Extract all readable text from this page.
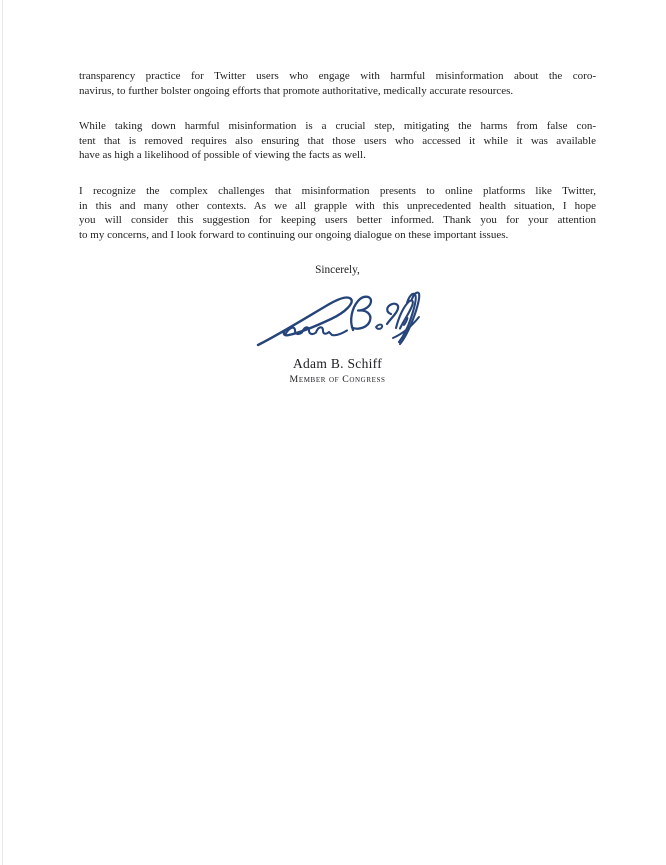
transparency practice for Twitter users who engage with harmful misinformation about the coro-
navirus, to further bolster ongoing efforts that promote authoritative, medically accurate resources.

While taking down harmful misinformation is a crucial step, mitigating the harms from false con-
tent that is removed requires also ensuring that those users who accessed it while it was available
have as high a likelihood of possible of viewing the facts as well.

I recognize the complex challenges that misinformation presents to online platforms like Twitter,
in this and many other contexts. As we all grapple with this unprecedented health situation, I hope
you will consider this suggestion for keeping users better informed. Thank you for your attention
to my concerns, and I look forward to continuing our ongoing dialogue on these important issues.

Sincerely,
Adam B. Schiff
Member of Congress
